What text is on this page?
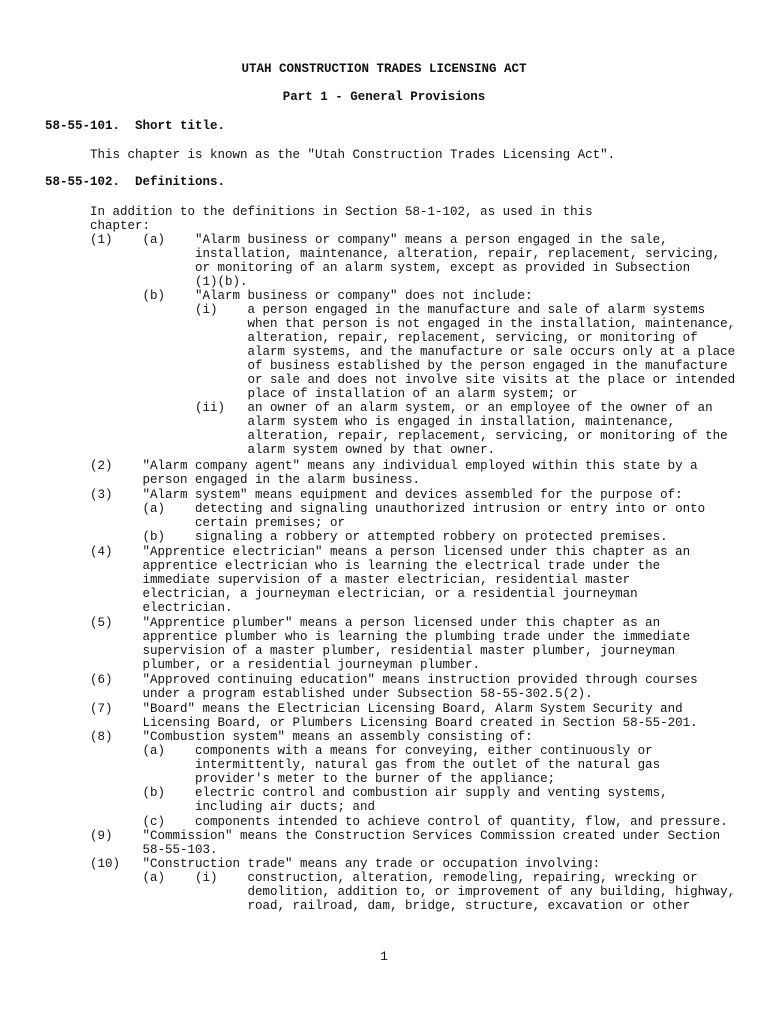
UTAH CONSTRUCTION TRADES LICENSING ACT
Part 1 - General Provisions
58-55-101.  Short title.
58-55-102.  Definitions.
This chapter is known as the "Utah Construction Trades Licensing Act".
In addition to the definitions in Section 58-1-102, as used in this
chapter:
(1)    (a)    "Alarm business or company" means a person engaged in the sale,
installation, maintenance, alteration, repair, replacement, servicing,
or monitoring of an alarm system, except as provided in Subsection
(1)(b).
(b)    "Alarm business or company" does not include:
(i)    a person engaged in the manufacture and sale of alarm systems
when that person is not engaged in the installation, maintenance,
alteration, repair, replacement, servicing, or monitoring of
alarm systems, and the manufacture or sale occurs only at a place
of business established by the person engaged in the manufacture
or sale and does not involve site visits at the place or intended
place of installation of an alarm system; or
(ii)   an owner of an alarm system, or an employee of the owner of an
alarm system who is engaged in installation, maintenance,
alteration, repair, replacement, servicing, or monitoring of the
alarm system owned by that owner.
(2)    "Alarm company agent" means any individual employed within this state by a
person engaged in the alarm business.
(3)    "Alarm system" means equipment and devices assembled for the purpose of:
(a)    detecting and signaling unauthorized intrusion or entry into or onto
certain premises; or
(b)    signaling a robbery or attempted robbery on protected premises.
(4)    "Apprentice electrician" means a person licensed under this chapter as an
apprentice electrician who is learning the electrical trade under the
immediate supervision of a master electrician, residential master
electrician, a journeyman electrician, or a residential journeyman
electrician.
(5)    "Apprentice plumber" means a person licensed under this chapter as an
apprentice plumber who is learning the plumbing trade under the immediate
supervision of a master plumber, residential master plumber, journeyman
plumber, or a residential journeyman plumber.
(6)    "Approved continuing education" means instruction provided through courses
under a program established under Subsection 58-55-302.5(2).
(7)    "Board" means the Electrician Licensing Board, Alarm System Security and
Licensing Board, or Plumbers Licensing Board created in Section 58-55-201.
(8)    "Combustion system" means an assembly consisting of:
(a)    components with a means for conveying, either continuously or
intermittently, natural gas from the outlet of the natural gas
provider's meter to the burner of the appliance;
(b)    electric control and combustion air supply and venting systems,
including air ducts; and
(c)    components intended to achieve control of quantity, flow, and pressure.
(9)    "Commission" means the Construction Services Commission created under Section
58-55-103.
(10)   "Construction trade" means any trade or occupation involving:
(a)    (i)    construction, alteration, remodeling, repairing, wrecking or
demolition, addition to, or improvement of any building, highway,
road, railroad, dam, bridge, structure, excavation or other
1
